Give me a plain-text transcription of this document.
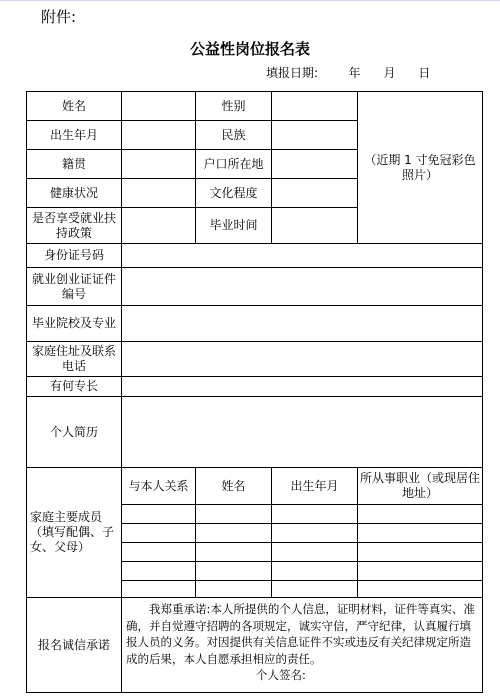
附件:
公益性岗位报名表
填报日期:        年      月      日
姓名		性别		（近期 1 寸免冠彩色照片）
出生年月		民族		
籍贯		户口所在地		
健康状况		文化程度		
是否享受就业扶持政策		毕业时间		
身份证号码				
就业创业证证件编号				
毕业院校及专业				
家庭住址及联系电话				
有何专长				
个人简历				
家庭主要成员（填写配偶、子女、父母）	与本人关系	姓名	出生年月	所从事职业（或现居住地址）

报名诚信承诺	我郑重承诺:本人所提供的个人信息，证明材料，证件等真实、准确，并自觉遵守招聘的各项规定，诚实守信，严守纪律，认真履行填报人员的义务。对因提供有关信息证件不实或违反有关纪律规定所造成的后果，本人自愿承担相应的责任。
个人签名:			
